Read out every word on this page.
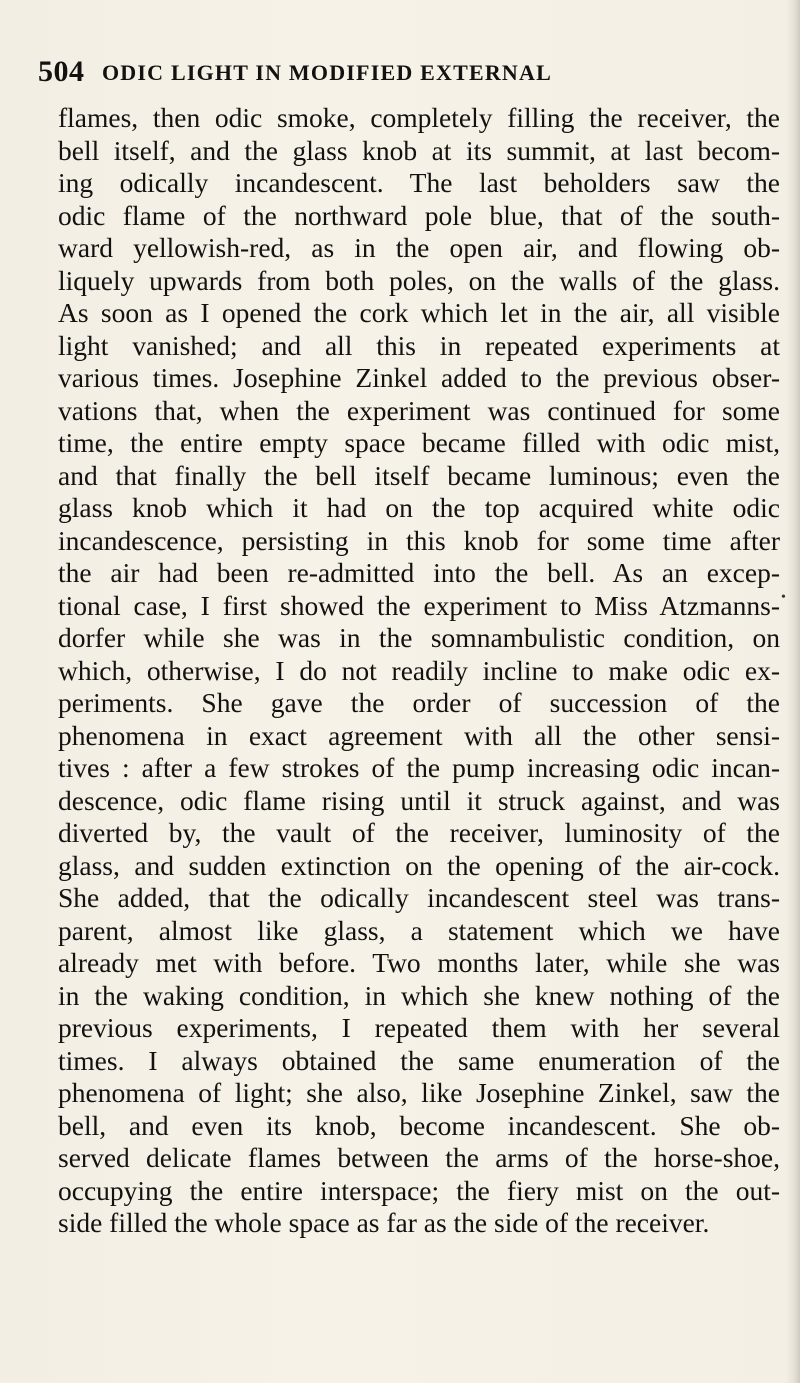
504 ODIC LIGHT IN MODIFIED EXTERNAL
flames, then odic smoke, completely filling the receiver, the
bell itself, and the glass knob at its summit, at last becom-
ing odically incandescent. The last beholders saw the
odic flame of the northward pole blue, that of the south-
ward yellowish-red, as in the open air, and flowing ob-
liquely upwards from both poles, on the walls of the glass.
As soon as I opened the cork which let in the air, all visible
light vanished; and all this in repeated experiments at
various times. Josephine Zinkel added to the previous obser-
vations that, when the experiment was continued for some
time, the entire empty space became filled with odic mist,
and that finally the bell itself became luminous; even the
glass knob which it had on the top acquired white odic
incandescence, persisting in this knob for some time after
the air had been re-admitted into the bell. As an excep-
tional case, I first showed the experiment to Miss Atzmanns-
dorfer while she was in the somnambulistic condition, on
which, otherwise, I do not readily incline to make odic ex-
periments. She gave the order of succession of the
phenomena in exact agreement with all the other sensi-
tives : after a few strokes of the pump increasing odic incan-
descence, odic flame rising until it struck against, and was
diverted by, the vault of the receiver, luminosity of the
glass, and sudden extinction on the opening of the air-cock.
She added, that the odically incandescent steel was trans-
parent, almost like glass, a statement which we have
already met with before. Two months later, while she was
in the waking condition, in which she knew nothing of the
previous experiments, I repeated them with her several
times. I always obtained the same enumeration of the
phenomena of light; she also, like Josephine Zinkel, saw the
bell, and even its knob, become incandescent. She ob-
served delicate flames between the arms of the horse-shoe,
occupying the entire interspace; the fiery mist on the out-
side filled the whole space as far as the side of the receiver.
•
